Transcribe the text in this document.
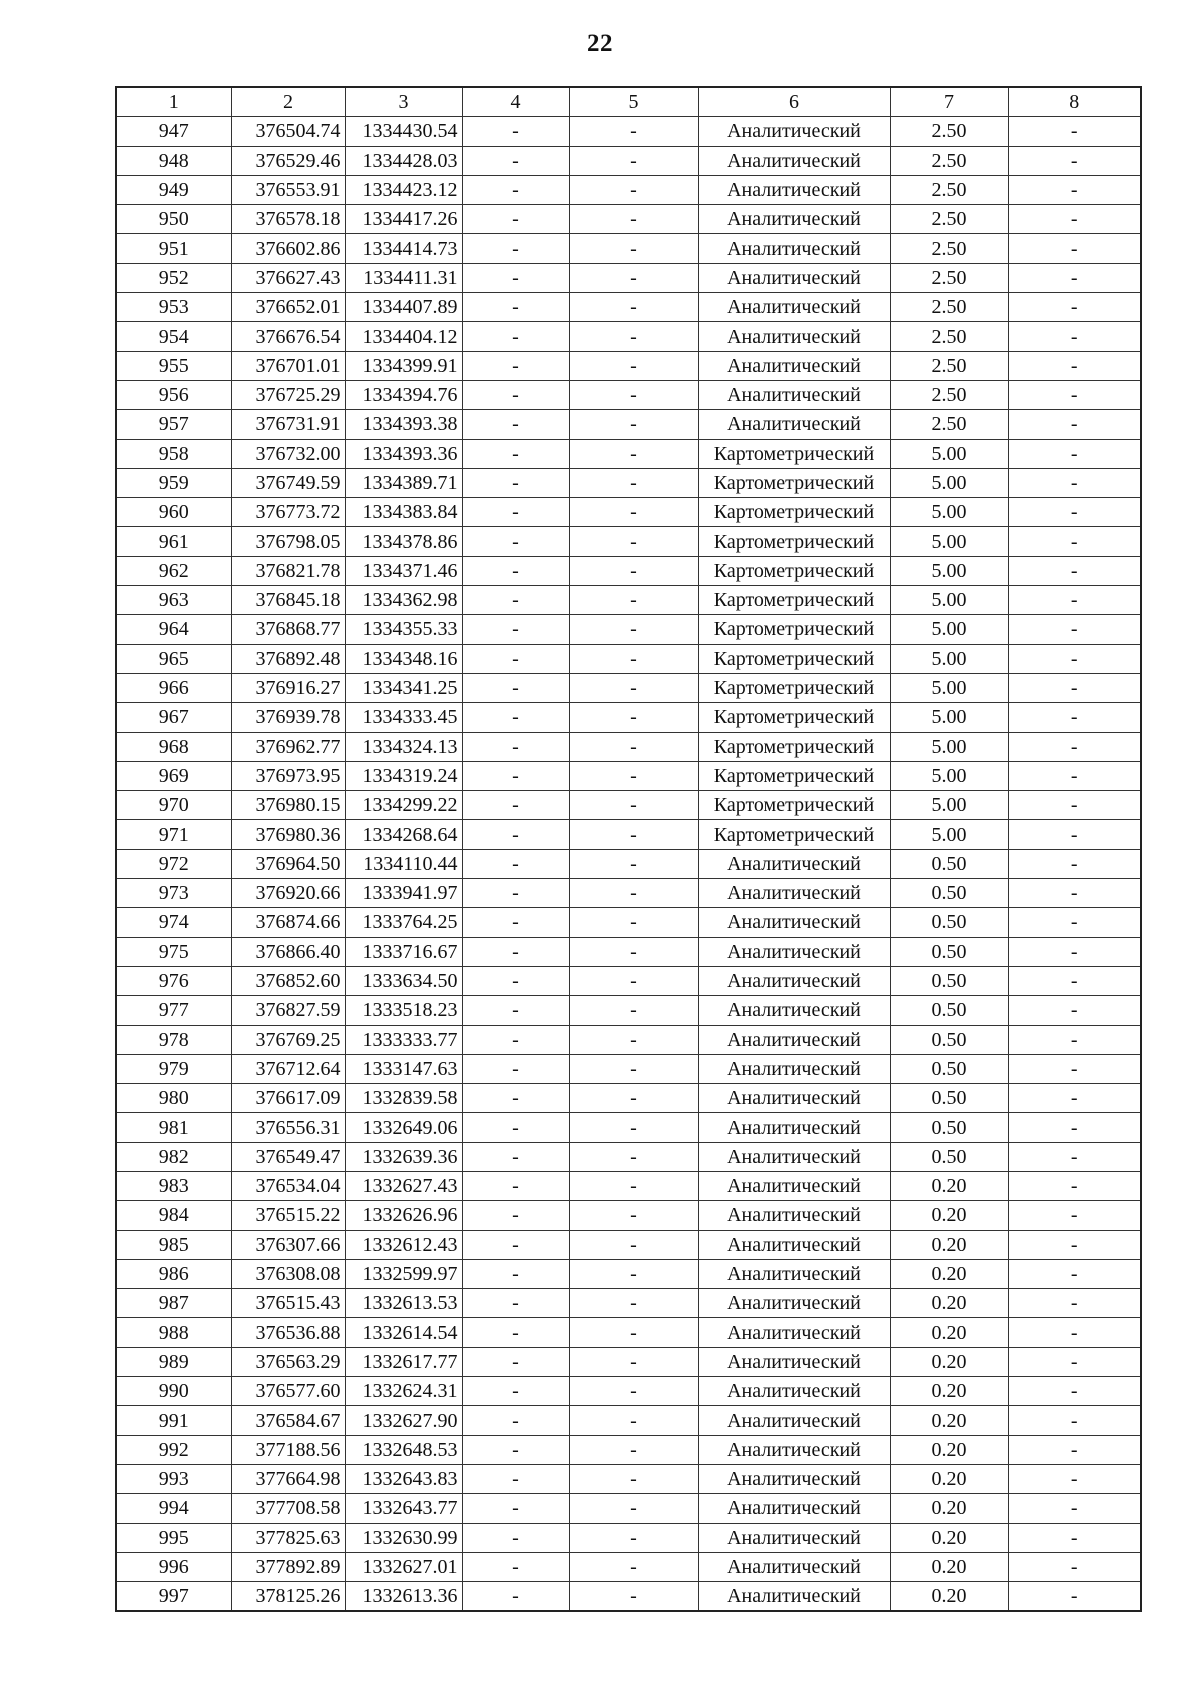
22
1	2	3	4	5	6	7	8
947	376504.74	1334430.54	-	-	Аналитический	2.50	-
948	376529.46	1334428.03	-	-	Аналитический	2.50	-
949	376553.91	1334423.12	-	-	Аналитический	2.50	-
950	376578.18	1334417.26	-	-	Аналитический	2.50	-
951	376602.86	1334414.73	-	-	Аналитический	2.50	-
952	376627.43	1334411.31	-	-	Аналитический	2.50	-
953	376652.01	1334407.89	-	-	Аналитический	2.50	-
954	376676.54	1334404.12	-	-	Аналитический	2.50	-
955	376701.01	1334399.91	-	-	Аналитический	2.50	-
956	376725.29	1334394.76	-	-	Аналитический	2.50	-
957	376731.91	1334393.38	-	-	Аналитический	2.50	-
958	376732.00	1334393.36	-	-	Картометрический	5.00	-
959	376749.59	1334389.71	-	-	Картометрический	5.00	-
960	376773.72	1334383.84	-	-	Картометрический	5.00	-
961	376798.05	1334378.86	-	-	Картометрический	5.00	-
962	376821.78	1334371.46	-	-	Картометрический	5.00	-
963	376845.18	1334362.98	-	-	Картометрический	5.00	-
964	376868.77	1334355.33	-	-	Картометрический	5.00	-
965	376892.48	1334348.16	-	-	Картометрический	5.00	-
966	376916.27	1334341.25	-	-	Картометрический	5.00	-
967	376939.78	1334333.45	-	-	Картометрический	5.00	-
968	376962.77	1334324.13	-	-	Картометрический	5.00	-
969	376973.95	1334319.24	-	-	Картометрический	5.00	-
970	376980.15	1334299.22	-	-	Картометрический	5.00	-
971	376980.36	1334268.64	-	-	Картометрический	5.00	-
972	376964.50	1334110.44	-	-	Аналитический	0.50	-
973	376920.66	1333941.97	-	-	Аналитический	0.50	-
974	376874.66	1333764.25	-	-	Аналитический	0.50	-
975	376866.40	1333716.67	-	-	Аналитический	0.50	-
976	376852.60	1333634.50	-	-	Аналитический	0.50	-
977	376827.59	1333518.23	-	-	Аналитический	0.50	-
978	376769.25	1333333.77	-	-	Аналитический	0.50	-
979	376712.64	1333147.63	-	-	Аналитический	0.50	-
980	376617.09	1332839.58	-	-	Аналитический	0.50	-
981	376556.31	1332649.06	-	-	Аналитический	0.50	-
982	376549.47	1332639.36	-	-	Аналитический	0.50	-
983	376534.04	1332627.43	-	-	Аналитический	0.20	-
984	376515.22	1332626.96	-	-	Аналитический	0.20	-
985	376307.66	1332612.43	-	-	Аналитический	0.20	-
986	376308.08	1332599.97	-	-	Аналитический	0.20	-
987	376515.43	1332613.53	-	-	Аналитический	0.20	-
988	376536.88	1332614.54	-	-	Аналитический	0.20	-
989	376563.29	1332617.77	-	-	Аналитический	0.20	-
990	376577.60	1332624.31	-	-	Аналитический	0.20	-
991	376584.67	1332627.90	-	-	Аналитический	0.20	-
992	377188.56	1332648.53	-	-	Аналитический	0.20	-
993	377664.98	1332643.83	-	-	Аналитический	0.20	-
994	377708.58	1332643.77	-	-	Аналитический	0.20	-
995	377825.63	1332630.99	-	-	Аналитический	0.20	-
996	377892.89	1332627.01	-	-	Аналитический	0.20	-
997	378125.26	1332613.36	-	-	Аналитический	0.20	-
